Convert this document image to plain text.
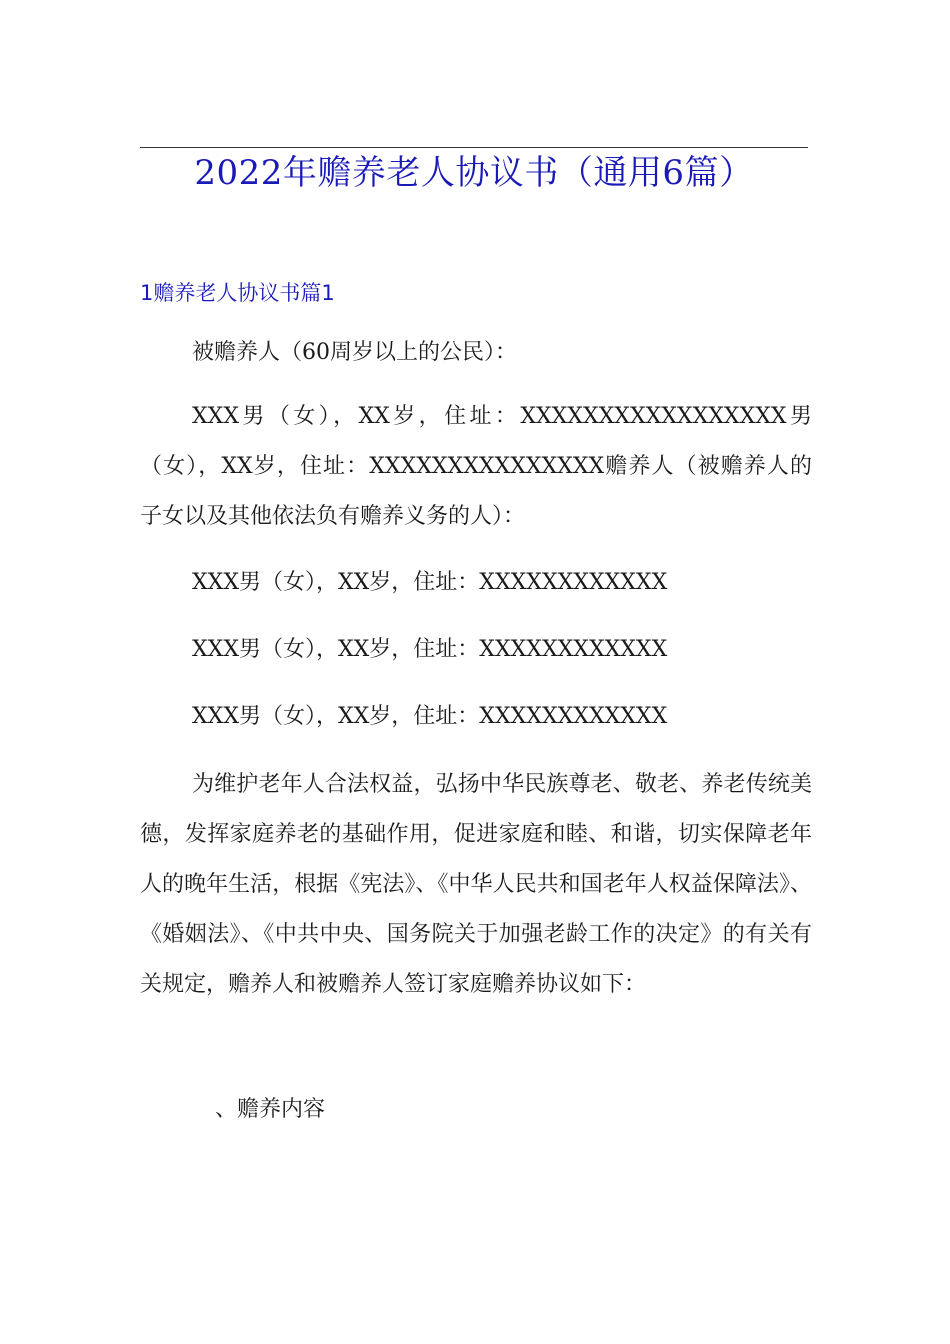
2022年赡养老人协议书（通用6篇）
1赡养老人协议书篇1
被赡养人（60周岁以上的公民）：

XXX男（女），XX岁，住址：XXXXXXXXXXXXXXXXX男（女），XX岁，住址：XXXXXXXXXXXXXXX赡养人（被赡养人的子女以及其他依法负有赡养义务的人）：

XXX男（女），XX岁，住址：XXXXXXXXXXXX
XXX男（女），XX岁，住址：XXXXXXXXXXXX
XXX男（女），XX岁，住址：XXXXXXXXXXXX

为维护老年人合法权益，弘扬中华民族尊老、敬老、养老传统美德，发挥家庭养老的基础作用，促进家庭和睦、和谐，切实保障老年人的晚年生活，根据《宪法》、《中华人民共和国老年人权益保障法》、《婚姻法》、《中共中央、国务院关于加强老龄工作的决定》的有关有关规定，赡养人和被赡养人签订家庭赡养协议如下：

、赡养内容
